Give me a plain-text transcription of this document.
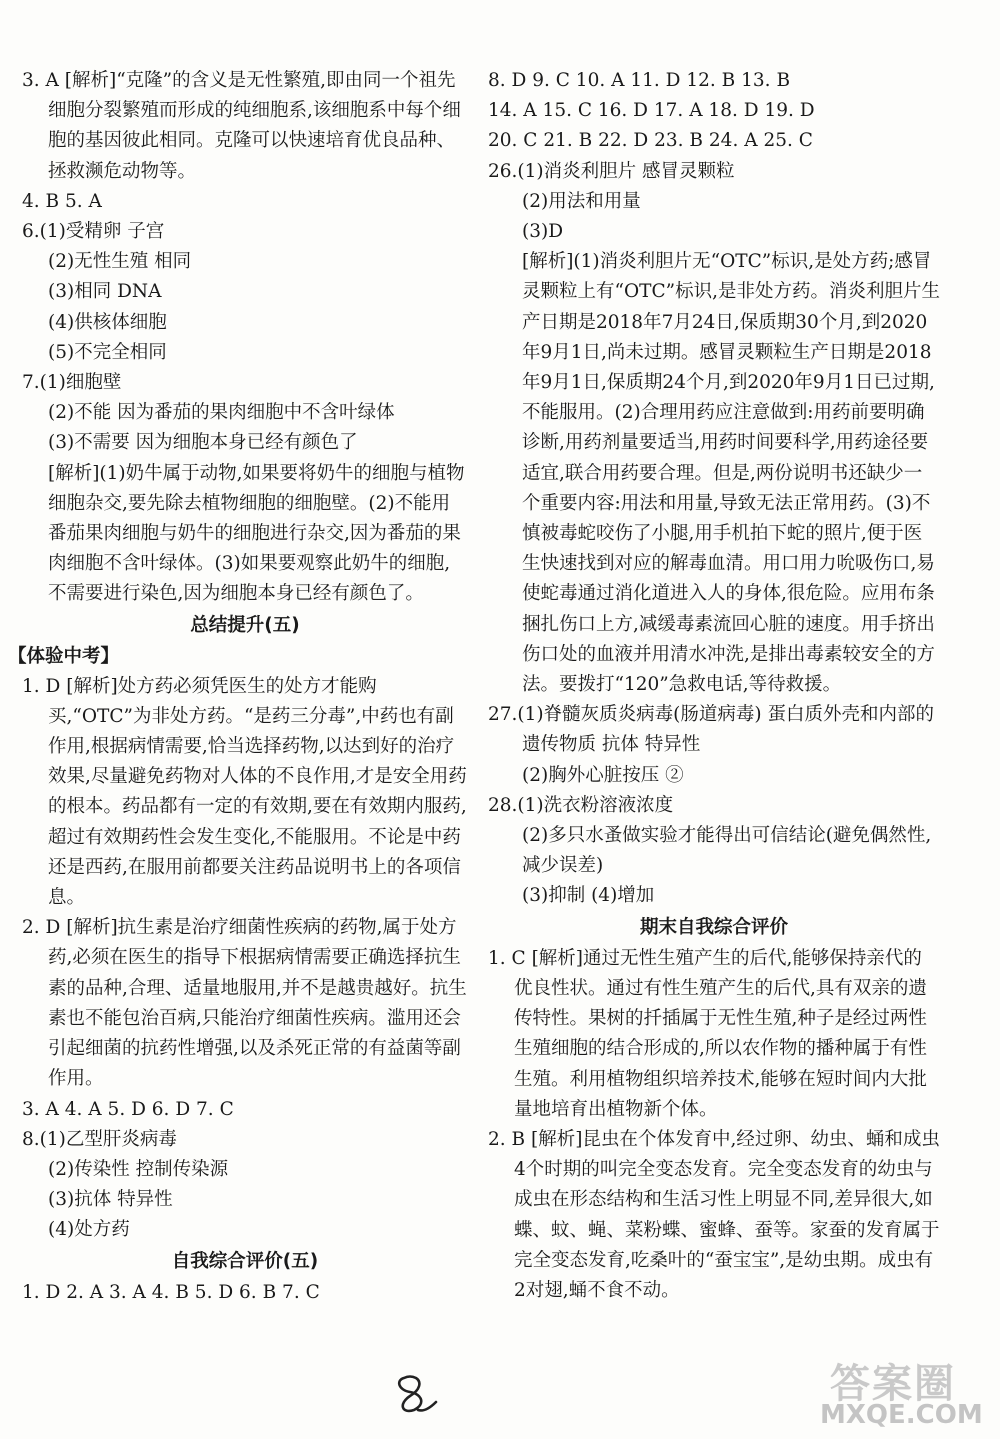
3. A [解析]“克隆”的含义是无性繁殖,即由同一个祖先细胞分裂繁殖而形成的纯细胞系,该细胞系中每个细胞的基因彼此相同。克隆可以快速培育优良品种、拯救濒危动物等。

4. B 5. A

6.(1)受精卵 子宫

(2)无性生殖 相同

(3)相同 DNA

(4)供核体细胞

(5)不完全相同

7.(1)细胞壁

(2)不能 因为番茄的果肉细胞中不含叶绿体

(3)不需要 因为细胞本身已经有颜色了

[解析](1)奶牛属于动物,如果要将奶牛的细胞与植物细胞杂交,要先除去植物细胞的细胞壁。(2)不能用番茄果肉细胞与奶牛的细胞进行杂交,因为番茄的果肉细胞不含叶绿体。(3)如果要观察此奶牛的细胞,不需要进行染色,因为细胞本身已经有颜色了。

总结提升(五)

【体验中考】

1. D [解析]处方药必须凭医生的处方才能购买,“OTC”为非处方药。“是药三分毒”,中药也有副作用,根据病情需要,恰当选择药物,以达到好的治疗效果,尽量避免药物对人体的不良作用,才是安全用药的根本。药品都有一定的有效期,要在有效期内服药,超过有效期药性会发生变化,不能服用。不论是中药还是西药,在服用前都要关注药品说明书上的各项信息。

2. D [解析]抗生素是治疗细菌性疾病的药物,属于处方药,必须在医生的指导下根据病情需要正确选择抗生素的品种,合理、适量地服用,并不是越贵越好。抗生素也不能包治百病,只能治疗细菌性疾病。滥用还会引起细菌的抗药性增强,以及杀死正常的有益菌等副作用。

3. A 4. A 5. D 6. D 7. C

8.(1)乙型肝炎病毒

(2)传染性 控制传染源

(3)抗体 特异性

(4)处方药

自我综合评价(五)

1. D 2. A 3. A 4. B 5. D 6. B 7. C

8. D 9. C 10. A 11. D 12. B 13. B

14. A 15. C 16. D 17. A 18. D 19. D

20. C 21. B 22. D 23. B 24. A 25. C

26.(1)消炎利胆片 感冒灵颗粒

(2)用法和用量

(3)D

[解析](1)消炎利胆片无“OTC”标识,是处方药;感冒灵颗粒上有“OTC”标识,是非处方药。消炎利胆片生产日期是2018年7月24日,保质期30个月,到2020年9月1日,尚未过期。感冒灵颗粒生产日期是2018年9月1日,保质期24个月,到2020年9月1日已过期,不能服用。(2)合理用药应注意做到:用药前要明确诊断,用药剂量要适当,用药时间要科学,用药途径要适宜,联合用药要合理。但是,两份说明书还缺少一个重要内容:用法和用量,导致无法正常用药。(3)不慎被毒蛇咬伤了小腿,用手机拍下蛇的照片,便于医生快速找到对应的解毒血清。用口用力吮吸伤口,易使蛇毒通过消化道进入人的身体,很危险。应用布条捆扎伤口上方,减缓毒素流回心脏的速度。用手挤出伤口处的血液并用清水冲洗,是排出毒素较安全的方法。要拨打“120”急救电话,等待救援。

27.(1)脊髓灰质炎病毒(肠道病毒) 蛋白质外壳和内部的遗传物质 抗体 特异性

(2)胸外心脏按压 ②

28.(1)洗衣粉溶液浓度

(2)多只水蚤做实验才能得出可信结论(避免偶然性,减少误差)

(3)抑制 (4)增加

期末自我综合评价

1. C [解析]通过无性生殖产生的后代,能够保持亲代的优良性状。通过有性生殖产生的后代,具有双亲的遗传特性。果树的扦插属于无性生殖,种子是经过两性生殖细胞的结合形成的,所以农作物的播种属于有性生殖。利用植物组织培养技术,能够在短时间内大批量地培育出植物新个体。

2. B [解析]昆虫在个体发育中,经过卵、幼虫、蛹和成虫4个时期的叫完全变态发育。完全变态发育的幼虫与成虫在形态结构和生活习性上明显不同,差异很大,如蝶、蚊、蝇、菜粉蝶、蜜蜂、蚕等。家蚕的发育属于完全变态发育,吃桑叶的“蚕宝宝”,是幼虫期。成虫有2对翅,蛹不食不动。

答案圈
MXQE.COM
